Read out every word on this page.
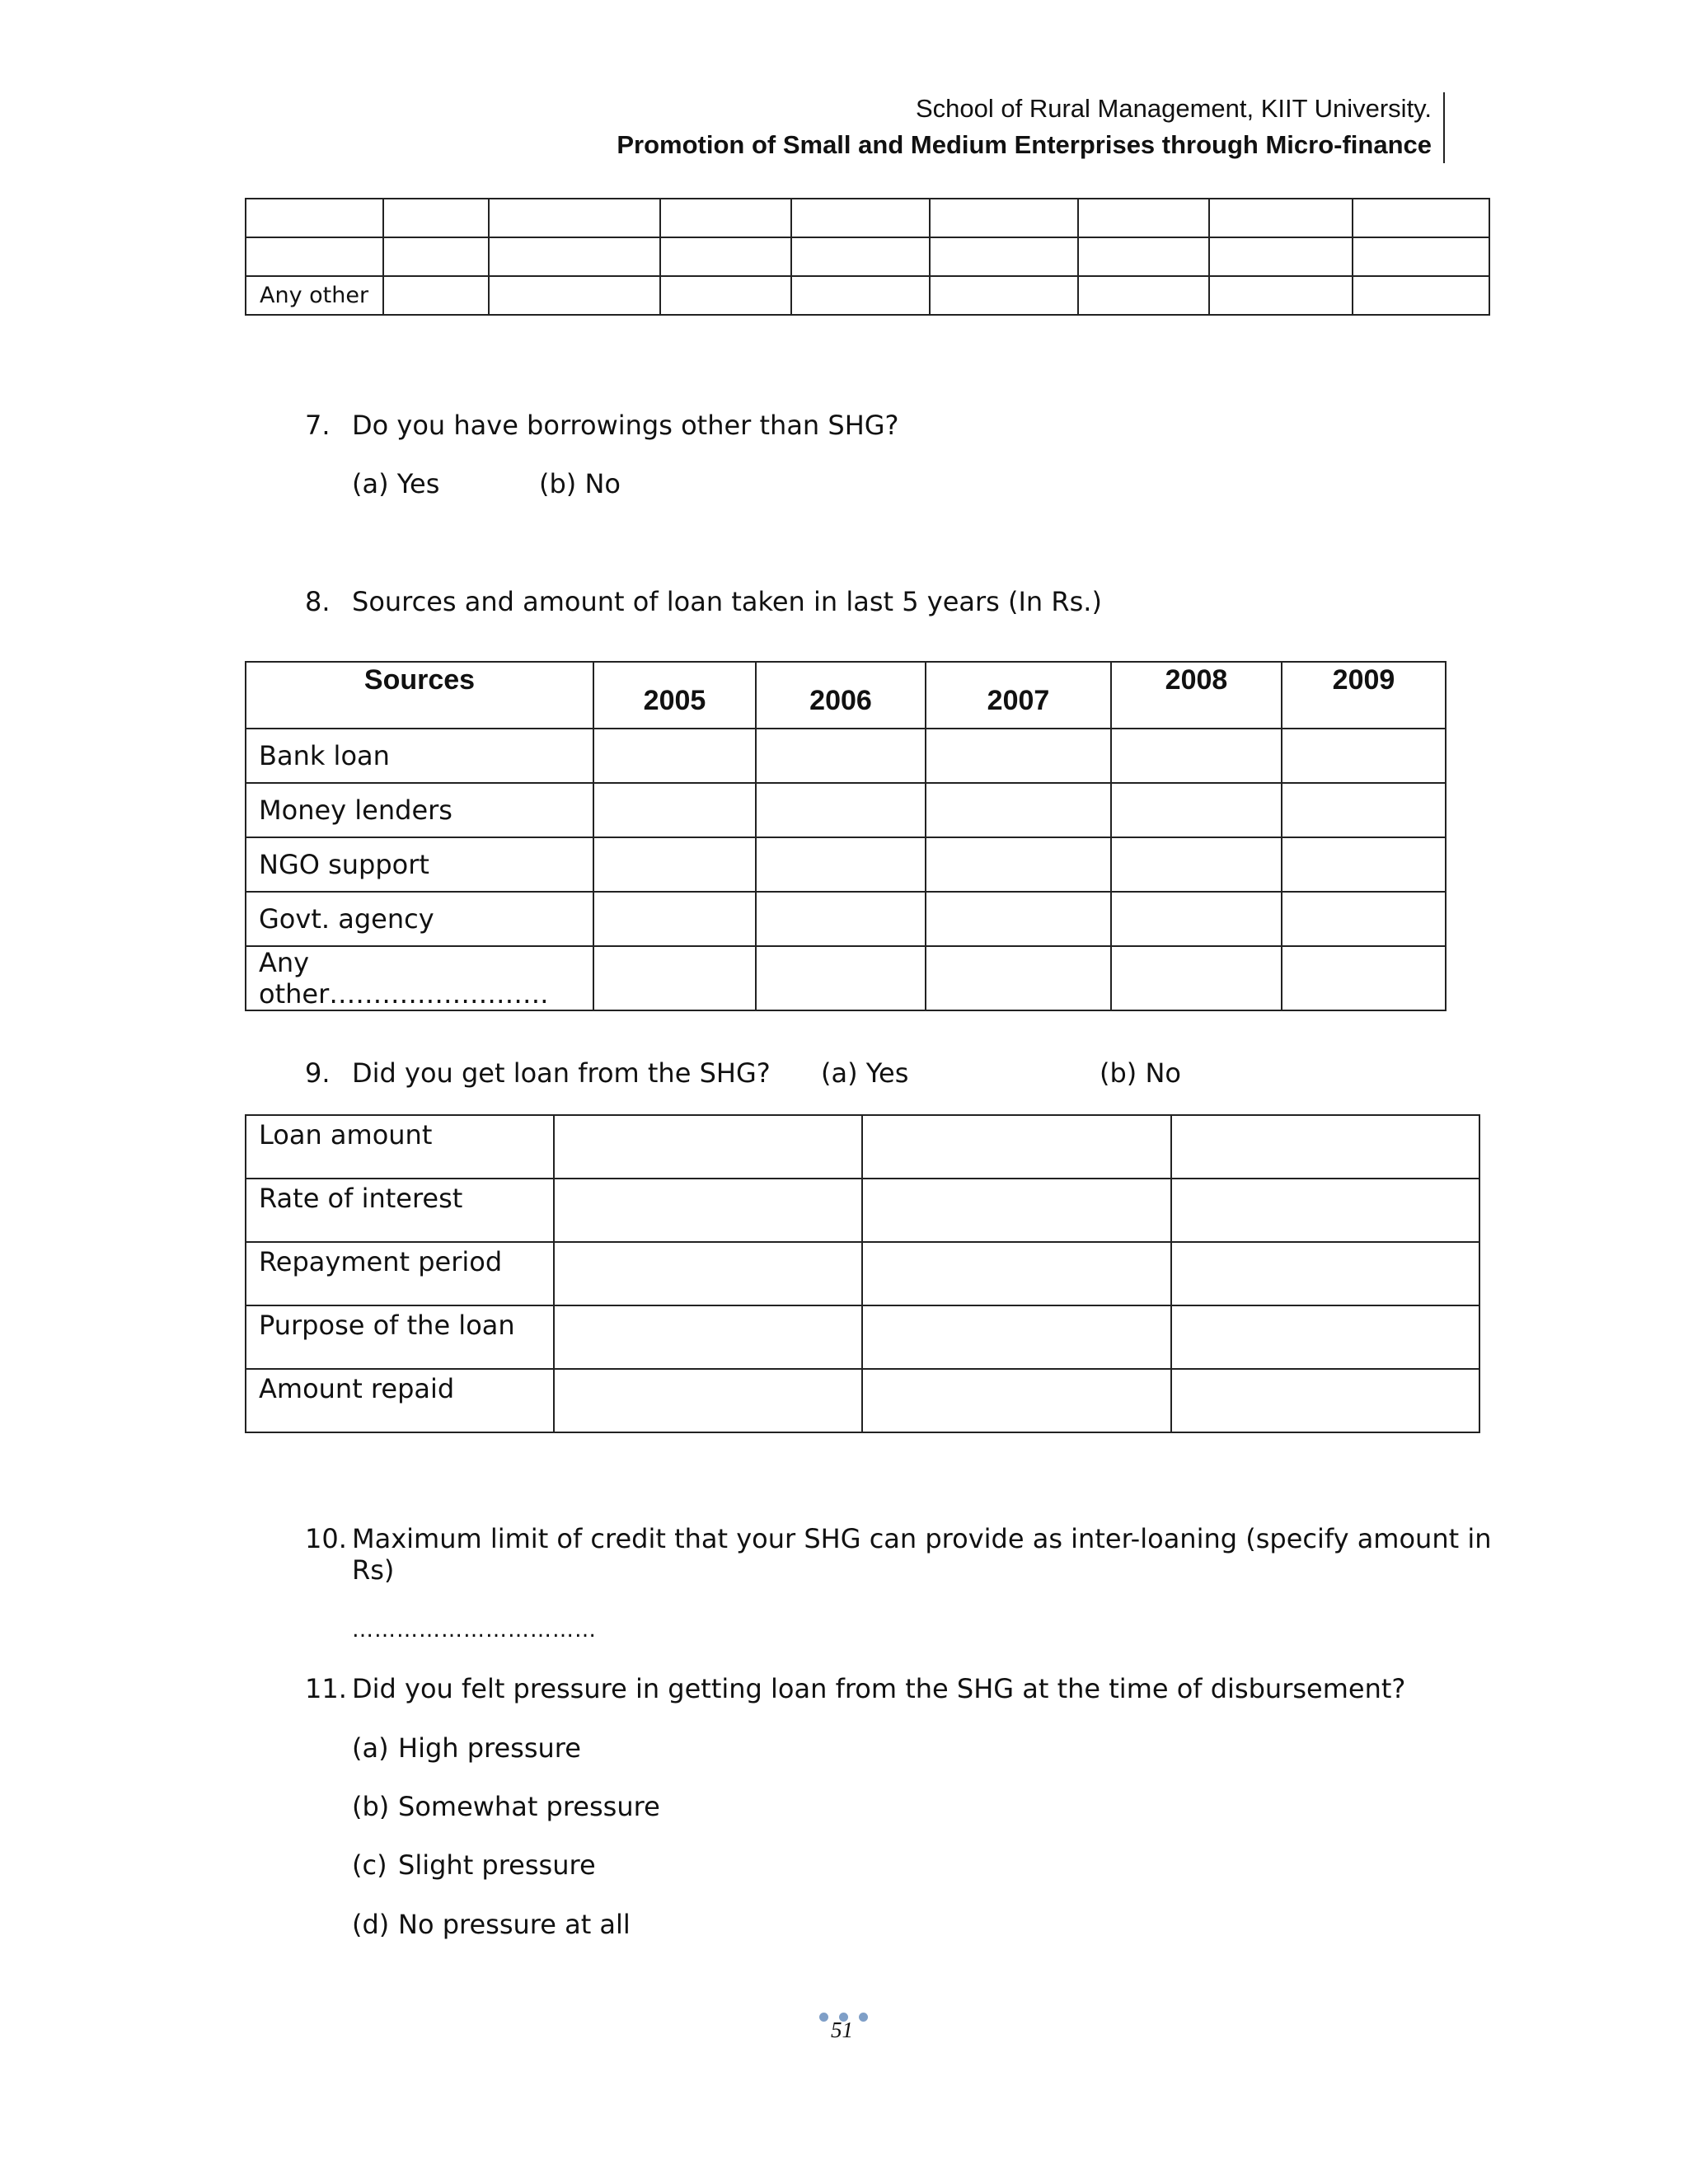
School of Rural Management, KIIT University.
Promotion of Small and Medium Enterprises through Micro-finance

Any other								
7. Do you have borrowings other than SHG?
(a) Yes	(b) No
8. Sources and amount of loan taken in last 5 years (In Rs.)
Sources	2005	2006	2007	2008	2009
Bank loan					
Money lenders					
NGO support					
Govt. agency					
Any other…………………….					
9. Did you get loan from the SHG? (a) Yes	(b) No
Loan amount			
Rate of interest			
Repayment period			
Purpose of the loan			
Amount repaid			
10. Maximum limit of credit that your SHG can provide as inter-loaning (specify amount in
Rs)
……………………………
11. Did you felt pressure in getting loan from the SHG at the time of disbursement?
(a) High pressure
(b) Somewhat pressure
(c) Slight pressure
(d) No pressure at all
51
